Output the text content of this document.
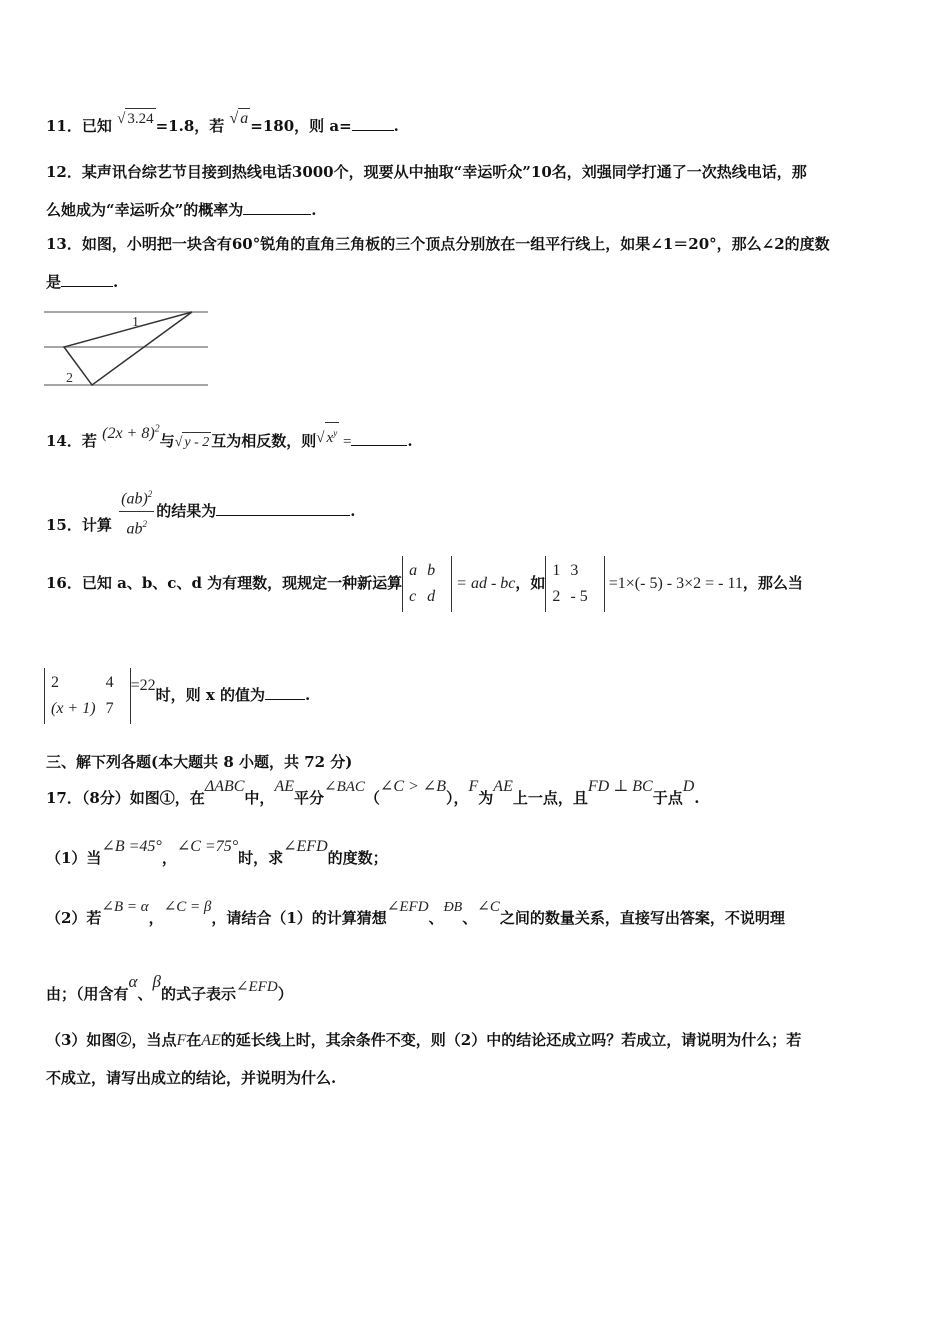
11．已知 √ 3.24 =1.8，若 √ a =180，则 a=	.
12．某声讯台综艺节目接到热线电话3000个，现要从中抽取“幸运听众”10名，刘强同学打通了一次热线电话，那
么她成为“幸运听众”的概率为	.
13．如图，小明把一块含有60°锐角的直角三角板的三个顶点分别放在一组平行线上，如果∠1＝20°，那么∠2的度数
是	.
1
2
14．若 $(2x + 8)^2$与√ y - 2 互为相反数，则√ $x^y$ =	.
15．计算 $\frac{(ab)^2}{ab^2}$ 的结果为	.
16．已知 a、b、c、d 为有理数，现规定一种新运算
a	b
c	d
= ad - bc，如
1	3
2	- 5
=1×(- 5) - 3×2 = - 11，那么当
2	4
(x + 1)	7
=22时，则 x 的值为	.
三、解下列各题(本大题共 8 小题，共 72 分)
17．（8分）如图①，在ΔABC中，AE平分∠BAC（∠C > ∠B），F为AE上一点，且FD ⊥ BC于点D.
（1）当∠B =45°，∠C =75°时，求∠EFD的度数；
（2）若∠B = α，∠C = β，请结合（1）的计算猜想∠EFD、ÐB、∠C之间的数量关系，直接写出答案，不说明理
由；（用含有α、β的式子表示∠EFD）
（3）如图②，当点F在AE的延长线上时，其余条件不变，则（2）中的结论还成立吗？若成立，请说明为什么；若
不成立，请写出成立的结论，并说明为什么.
